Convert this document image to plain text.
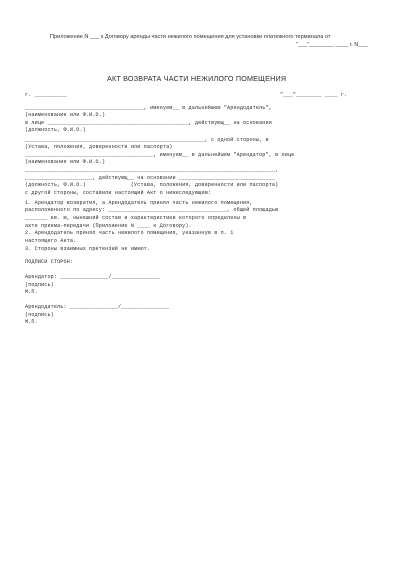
Приложение N ___ к Договору аренды части нежилого помещения для установки платежного терминала от
"___"________ ____ г. N___
АКТ ВОЗВРАТА ЧАСТИ НЕЖИЛОГО ПОМЕЩЕНИЯ
г. __________	"___"________ ____ г.
_____________________________________, именуем__ в дальнейшем "Арендодатель",
(наименование или Ф.И.О.)
в лице ____________________________________________, действующ__ на основании
(должность, Ф.И.О.)
________________________________________________________, с одной стороны, и
(Устава, положения, доверенности или паспорта)
________________________________________, именуем__ в дальнейшем "Арендатор", в лице
(наименование или Ф.И.О.)
______________________________________________________________________________,
_____________________, действующ__ на основании ______________________________
(должность, Ф.И.О.)              (Устава, положения, доверенности или паспорта)
с другой стороны, составили настоящий Акт о нижеследующем:
1. Арендатор возвратил, а Арендодатель принял часть нежилого помещения,
расположенного по адресу: _____________________________________, общей площадью
_______ кв. м, нынешний состав и характеристики которого определены в
акте приема-передачи (Приложение N ____ к Договору).
2. Арендодатель принял часть нежилого помещения, указанную в п. 1
настоящего Акта.
3. Стороны взаимных претензий не имеют.
ПОДПИСИ СТОРОН:
Арендатор: _______________/_______________
(подпись)
М.П.
Арендодатель: _______________/_______________
(подпись)
М.П.
